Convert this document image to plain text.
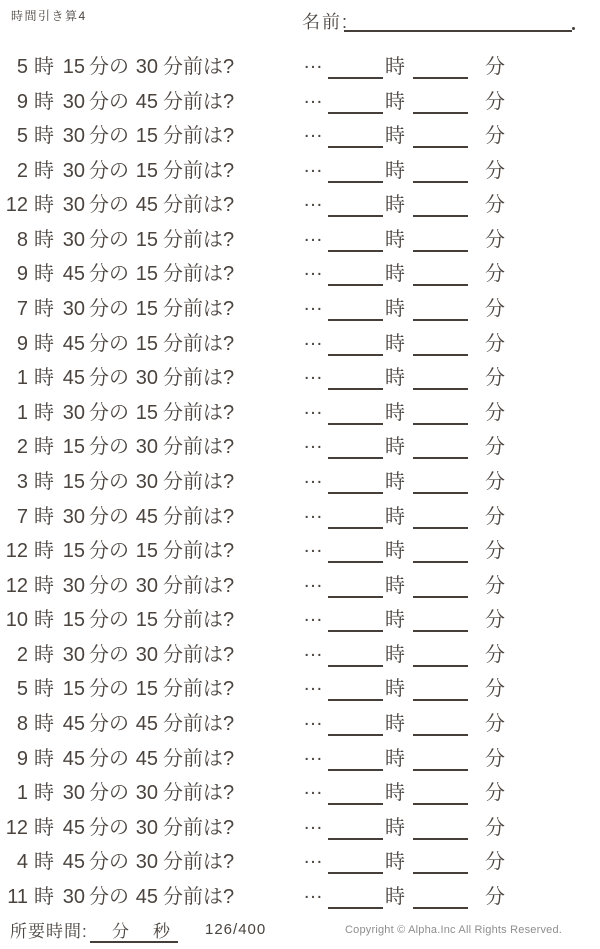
時間引き算4	名前:
5 時 15 分の 30 分前は?	…	時	分
9 時 30 分の 45 分前は?	…	時	分
5 時 30 分の 15 分前は?	…	時	分
2 時 30 分の 15 分前は?	…	時	分
12 時 30 分の 45 分前は?	…	時	分
8 時 30 分の 15 分前は?	…	時	分
9 時 45 分の 15 分前は?	…	時	分
7 時 30 分の 15 分前は?	…	時	分
9 時 45 分の 15 分前は?	…	時	分
1 時 45 分の 30 分前は?	…	時	分
1 時 30 分の 15 分前は?	…	時	分
2 時 15 分の 30 分前は?	…	時	分
3 時 15 分の 30 分前は?	…	時	分
7 時 30 分の 45 分前は?	…	時	分
12 時 15 分の 15 分前は?	…	時	分
12 時 30 分の 30 分前は?	…	時	分
10 時 15 分の 15 分前は?	…	時	分
2 時 30 分の 30 分前は?	…	時	分
5 時 15 分の 15 分前は?	…	時	分
8 時 45 分の 45 分前は?	…	時	分
9 時 45 分の 45 分前は?	…	時	分
1 時 30 分の 30 分前は?	…	時	分
12 時 45 分の 30 分前は?	…	時	分
4 時 45 分の 30 分前は?	…	時	分
11 時 30 分の 45 分前は?	…	時	分
所要時間: 分 秒 126/400	Copyright © Alpha.Inc All Rights Reserved.
